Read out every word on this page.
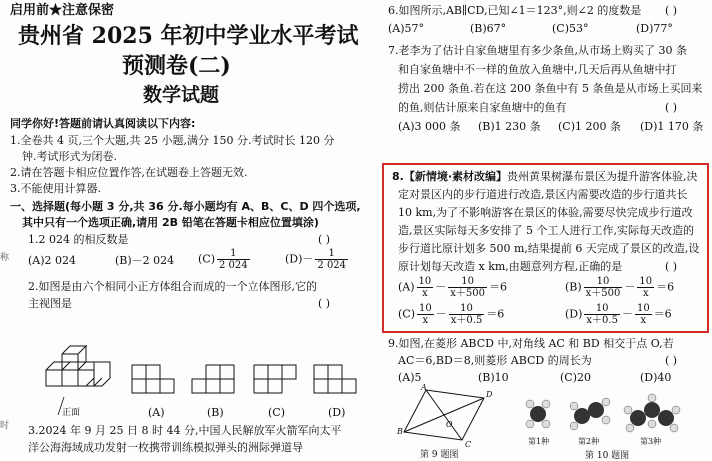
启用前★注意保密
贵州省 2025 年初中学业水平考试
预测卷(二)
数学试题
同学你好!答题前请认真阅读以下内容:
1.全卷共 4 页,三个大题,共 25 小题,满分 150 分.考试时长 120 分
钟.考试形式为闭卷.
2.请在答题卡相应位置作答,在试题卷上答题无效.
3.不能使用计算器.
一、选择题(每小题 3 分,共 36 分.每小题均有 A、B、C、D 四个选项,
其中只有一个选项正确,请用 2B 铅笔在答题卡相应位置填涂)
1.2 024 的相反数是	( )
(A)2 024	(B)－2 024 $(C) \frac{1}{2 024}$	$(D)- \frac{1}{2 024}$
2.如图是由六个相同小正方体组合而成的一个立体图形,它的
主视图是	( )
正面	(A)	(B)	(C)	(D)
3.2024 年 9 月 25 日 8 时 44 分,中国人民解放军火箭军向太平
洋公海海域成功发射一枚携带训练模拟弹头的洲际弹道导
称
时
6.如图所示,AB∥CD,已知∠1＝123°,则∠2 的度数是 ( )
(A)57°	(B)67°	(C)53°	(D)77°
7.老李为了估计自家鱼塘里有多少条鱼,从市场上购买了 30 条
和自家鱼塘中不一样的鱼放入鱼塘中,几天后再从鱼塘中打
捞出 200 条鱼.若在这 200 条鱼中有 5 条鱼是从市场上买回来
的鱼,则估计原来自家鱼塘中的鱼有	( )
(A)3 000 条 (B)1 230 条 (C)1 200 条 (D)1 170 条
8.【新情境·素材改编】贵州黄果树瀑布景区为提升游客体验,决
定对景区内的步行道进行改造,景区内需要改造的步行道共长
10 km,为了不影响游客在景区的体验,需要尽快完成步行道改
造,景区实际每天多安排了 5 个工人进行工作,实际每天改造的
步行道比原计划多 500 m,结果提前 6 天完成了景区的改造,设
原计划每天改造 x km,由题意列方程,正确的是	( )
$(A) \frac{10}{x} - \frac{10}{x+500} =6$	$(B) \frac{10}{x+500} - \frac{10}{x} =6$
$(C) \frac{10}{x} - \frac{10}{x+0.5} =6$	$(D) \frac{10}{x+0.5} - \frac{10}{x} =6$
9.如图,在菱形 ABCD 中,对角线 AC 和 BD 相交于点 O,若
AC＝6,BD＝8,则菱形 ABCD 的周长为	( )
(A)5	(B)10	(C)20	(D)40
A
B
C
D
O
第 9 题图
第1种	第2种	第3种
第 10 题图
